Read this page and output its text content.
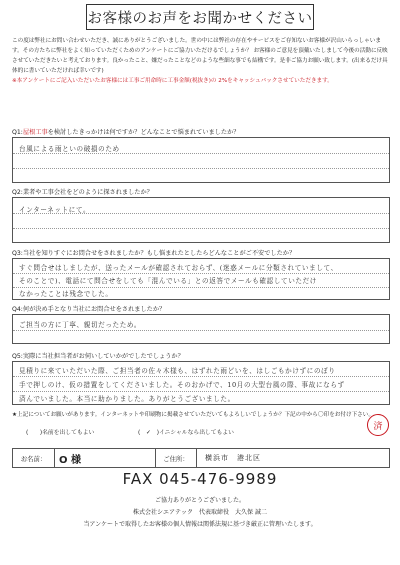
お客様のお声をお聞かせください

この度は弊社にお問い合わせいただき、誠にありがとうございました。世の中には弊社の存在やサービスをご存知ないお客様が沢山いらっしゃいます。その方たちに弊社をよく知っていただくためのアンケートにご協力いただけるでしょうか？ お客様のご意見を頂戴いたしまして今後の活動に反映させていただきたいと考えております。良かったこと、嫌だったことなどのような些細な事でも結構です。是非ご協力お願い致します。(出来るだけ具体的に書いていただければ幸いです)

※本アンケートにご記入いただいたお客様には工事ご用命時に工事金額(税抜き)の 2%をキャッシュバックさせていただきます。

Q1:屋根工事を検討したきっかけは何ですか？どんなことで悩まれていましたか？
台風による雨といの破損のため
Q2:業者や工事会社をどのように探されましたか？
インターネットにて。
Q3:当社を知りすぐにお問合せをされましたか？もし悩まれたとしたらどんなことがご不安でしたか？
すぐ問合せはしましたが、送ったメールが確認されておらず、(迷惑メールに分類されていまして、
そのことで)、電話にて問合せをしても「混んでいる」との返答でメールも確認していただけ
なかったことは残念でした。
Q4:何が決め手となり当社にお問合せをされましたか？
ご担当の方に丁寧、親切だったため。
Q5:実際に当社担当者がお伺いしていかがでしたでしょうか？
見積りに来ていただいた際、ご担当者の佐々木様も、はずれた雨どいを、はしごもかけずにのぼり
手で押しのけ、仮の措置をしてくださいました。そのおかげで、10月の大型台風の際、事故にならず
済んでいました。本当に助かりました。ありがとうございました。
★上記についてお願いがあります。インターネットや印刷物に掲載させていただいてもよろしいでしょうか？下記の中から〇印をお付け下さい。
済
(　　)名前を出してもよい	(　✓　)イニシャルなら出してもよい
お名前：	O 様	ご住所：	横浜市　港北区
FAX 045-476-9989
ご協力ありがとうございました。
株式会社シエアテック　代表取締役　大久保 誠二
当アンケートで取得したお客様の個人情報は関係法規に基づき厳正に管理いたします。
